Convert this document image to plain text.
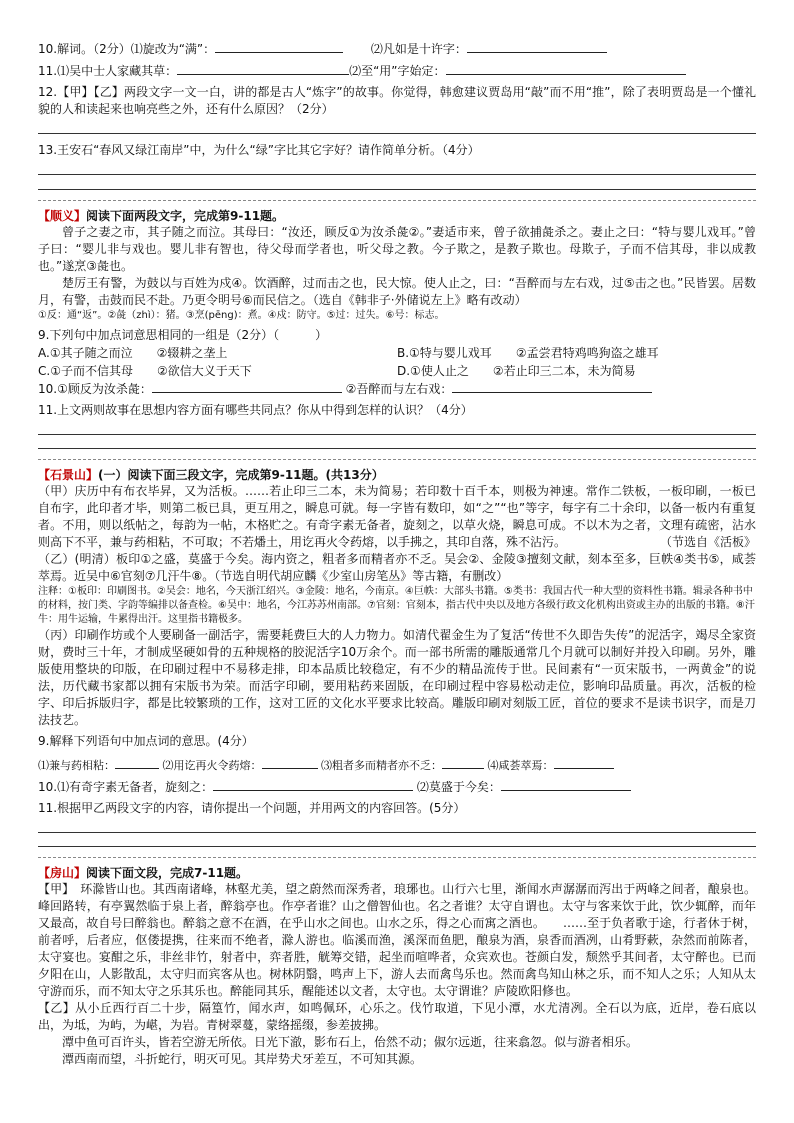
10.解词。（2分）⑴旋改为“满”：	⑵凡如是十许字：
11.⑴吴中士人家藏其草：	⑵至“用”字始定：
12.【甲】【乙】两段文字一文一白，讲的都是古人“炼字”的故事。你觉得，韩愈建议贾岛用“敲”而不用“推”，除了表明贾岛是一个懂礼貌的人和读起来也响亮些之外，还有什么原因？（2分）
13.王安石“春风又绿江南岸”中，为什么“绿”字比其它字好？请作简单分析。（4分）
【顺义】阅读下面两段文字，完成第9-11题。
曾子之妻之市，其子随之而泣。其母曰：“汝还，顾反①为汝杀彘②。”妻适市来，曾子欲捕彘杀之。妻止之曰：“特与婴儿戏耳。”曾子曰：“婴儿非与戏也。婴儿非有智也，待父母而学者也，听父母之教。今子欺之，是教子欺也。母欺子，子而不信其母，非以成教也。”遂烹③彘也。
楚厉王有警，为鼓以与百姓为戍④。饮酒醉，过而击之也，民大惊。使人止之，曰：“吾醉而与左右戏，过⑤击之也。”民皆罢。居数月，有警，击鼓而民不赴。乃更令明号⑥而民信之。（选自《韩非子·外储说左上》略有改动）
①反：通“返”。②彘（zhì）：猪。③烹(pēng)：煮。④戍：防守。⑤过：过失。⑥号：标志。
9.下列句中加点词意思相同的一组是（2分）（　　　）
A.①其子随之而泣　　 ②辍耕之垄上	B.①特与婴儿戏耳　　 ②孟尝君特鸡鸣狗盗之雄耳
C.①子而不信其母　　 ②欲信大义于天下	D.①使人止之　　 ②若止印三二本，未为简易
10.①顾反为汝杀彘：	②吾醉而与左右戏：
11.上文两则故事在思想内容方面有哪些共同点？你从中得到怎样的认识？（4分）
【石景山】(一）阅读下面三段文字，完成第9-11题。(共13分）
（甲）庆历中有布衣毕昇，又为活板。……若止印三二本，未为简易；若印数十百千本，则极为神速。常作二铁板，一板印刷，一板已自布字，此印者才毕，则第二板已具，更互用之，瞬息可就。每一字皆有数印，如“之”“也”等字，每字有二十余印，以备一板内有重复者。不用，则以纸帖之，每韵为一帖，木格贮之。有奇字素无备者，旋刻之，以草火烧，瞬息可成。不以木为之者，文理有疏密，沾水则高下不平，兼与药相粘，不可取；不若燔土，用讫再火令药熔，以手拂之，其印自落，殊不沾污。	（节选自《活板》
（乙）(明清）板印①之盛，莫盛于今矣。海内资之，粗者多而精者亦不乏。吴会②、金陵③擅刻文献，刻本至多，巨帙④类书⑤，咸荟萃焉。近吴中⑥官刻⑦几汗牛⑧。（节选自明代胡应麟《少室山房笔丛》等古籍，有删改）
注释：①板印：印刷图书。②吴会：地名，今天浙江绍兴。③金陵：地名，今南京。④巨帙：大部头书籍。⑤类书：我国古代一种大型的资料性书籍。辑录各种书中的材料，按门类、字韵等编排以备查检。⑥吴中：地名，今江苏苏州南部。⑦官刻：官刻本，指古代中央以及地方各级行政文化机构出资或主办的出版的书籍。⑧汗牛：用牛运输，牛累得出汗。这里指书籍极多。
（丙）印刷作坊或个人要刷备一副活字，需要耗费巨大的人力物力。如清代翟金生为了复活“传世不久即告失传”的泥活字，竭尽全家资财，费时三十年，才制成坚硬如骨的五种规格的胶泥活字10万余个。而一部书所需的雕版通常几个月就可以制好并投入印刷。另外，雕版使用整块的印版，在印刷过程中不易移走排，印本品质比较稳定，有不少的精品流传于世。民间素有“一页宋版书，一两黄金”的说法，历代藏书家都以拥有宋版书为荣。而活字印刷，要用粘药来固版，在印刷过程中容易松动走位，影响印品质量。再次，活板的检字、印后拆版归字，都是比较繁琐的工作，这对工匠的文化水平要求比较高。雕版印刷对刻版工匠，首位的要求不是读书识字，而是刀法技艺。
9.解释下列语句中加点词的意思。(4分）
⑴兼与药相粘：	⑵用讫再火令药熔：	⑶粗者多而精者亦不乏：	⑷咸荟萃焉：
10.⑴有奇字素无备者，旋刻之：	⑵莫盛于今矣：
11.根据甲乙两段文字的内容，请你提出一个问题，并用两文的内容回答。(5分）
【房山】阅读下面文段，完成7-11题。
【甲】　环滁皆山也。其西南诸峰，林壑尤美，望之蔚然而深秀者，琅琊也。山行六七里，渐闻水声潺潺而泻出于两峰之间者，酿泉也。峰回路转，有亭翼然临于泉上者，醉翁亭也。作亭者谁？山之僧智仙也。名之者谁？太守自谓也。太守与客来饮于此，饮少辄醉，而年又最高，故自号曰醉翁也。醉翁之意不在酒，在乎山水之间也。山水之乐，得之心而寓之酒也。　　……至于负者歌于途，行者休于树，前者呼，后者应，伛偻提携，往来而不绝者，滁人游也。临溪而渔，溪深而鱼肥，酿泉为酒，泉香而酒冽，山肴野蔌，杂然而前陈者，太守宴也。宴酣之乐，非丝非竹，射者中，弈者胜，觥筹交错，起坐而喧哗者，众宾欢也。苍颜白发，颓然乎其间者，太守醉也。已而夕阳在山，人影散乱，太守归而宾客从也。树林阴翳，鸣声上下，游人去而禽鸟乐也。然而禽鸟知山林之乐，而不知人之乐；人知从太守游而乐，而不知太守之乐其乐也。醉能同其乐，醒能述以文者，太守也。太守谓谁？庐陵欧阳修也。
【乙】从小丘西行百二十步，隔篁竹，闻水声，如鸣佩环，心乐之。伐竹取道，下见小潭，水尤清冽。全石以为底，近岸，卷石底以出，为坻，为屿，为嵁，为岩。青树翠蔓，蒙络摇缀，参差披拂。
潭中鱼可百许头，皆若空游无所依。日光下澈，影布石上，佁然不动；俶尔远逝，往来翕忽。似与游者相乐。
潭西南而望，斗折蛇行，明灭可见。其岸势犬牙差互，不可知其源。
